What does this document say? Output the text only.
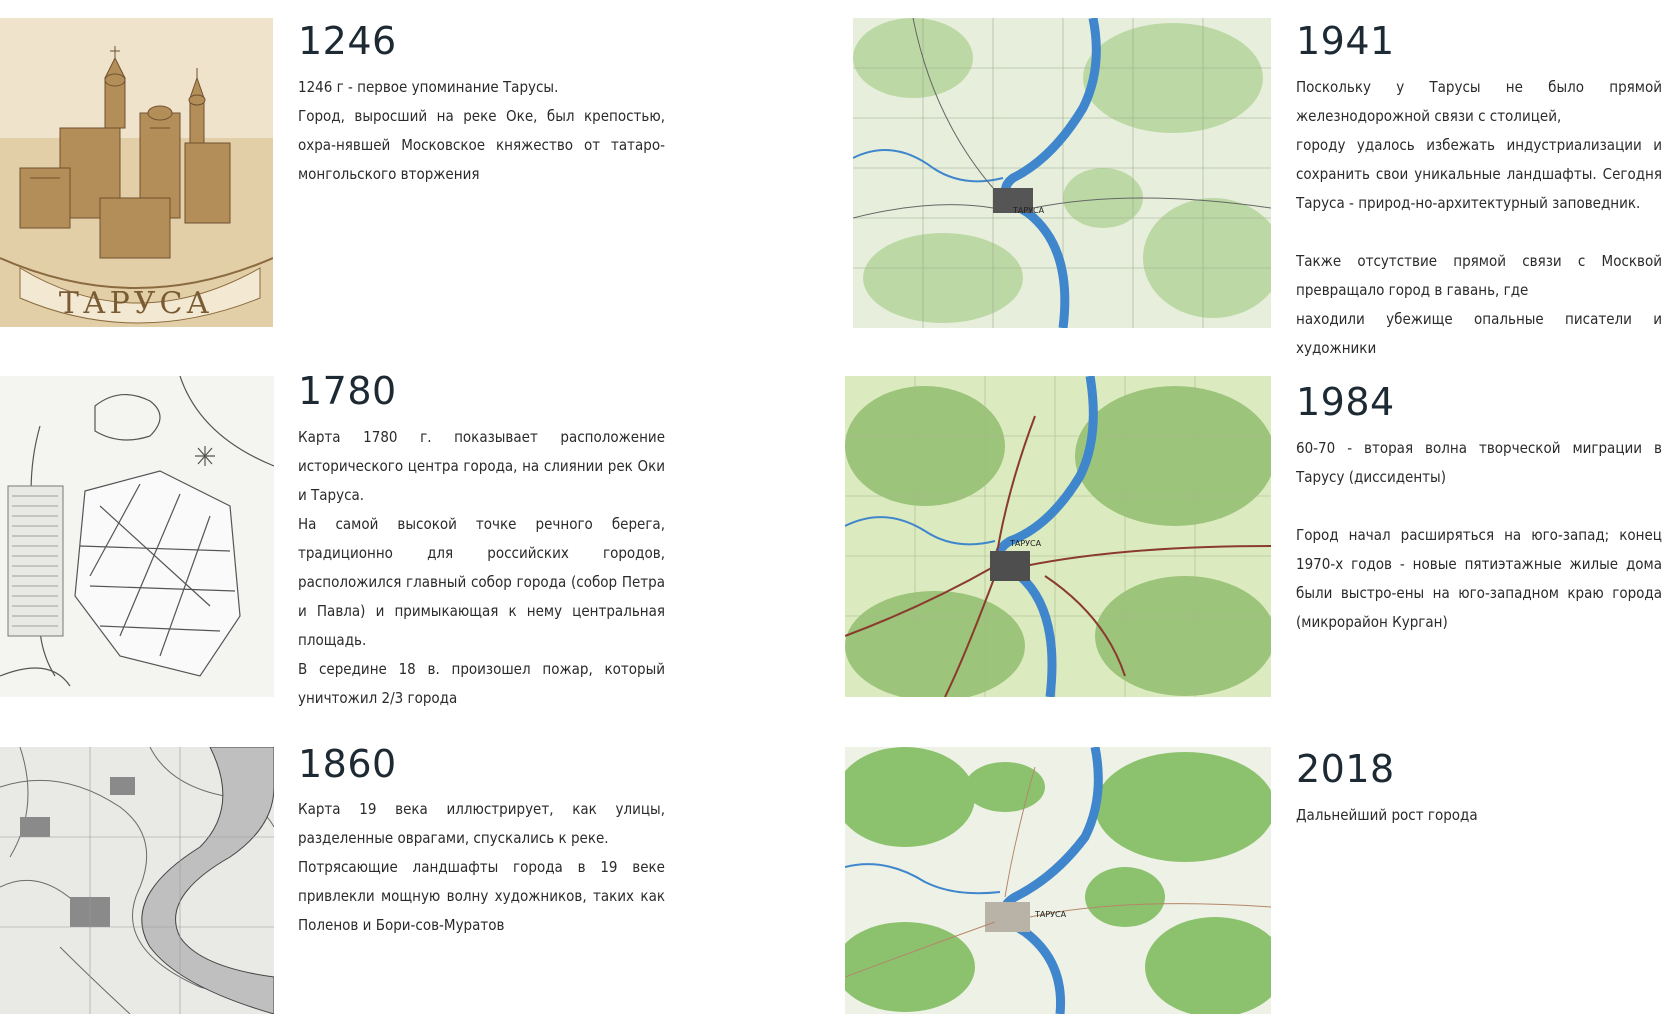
ТАРУСА
1246

1246 г - первое упоминание Тарусы.

Город, выросший на реке Оке, был крепостью, охра-нявшей Московское княжество от татаро-монгольского вторжения

1780

Карта 1780 г. показывает расположение исторического центра города, на слиянии рек Оки и Таруса.

На самой высокой точке речного берега, традиционно для российских городов, расположился главный собор города (собор Петра и Павла) и примыкающая к нему центральная площадь.

В середине 18 в. произошел пожар, который уничтожил 2/3 города

1860

Карта 19 века иллюстрирует, как улицы, разделенные оврагами, спускались к реке.

Потрясающие ландшафты города в 19 веке привлекли мощную волну художников, таких как Поленов и Бори-сов-Муратов

ТАРУСА
1941

Поскольку у Тарусы не было прямой железнодорожной связи с столицей,

городу удалось избежать индустриализации и сохранить свои уникальные ландшафты. Сегодня Таруса - природ-но-архитектурный заповедник.

Также отсутствие прямой связи с Москвой превращало город в гавань, где

находили убежище опальные писатели и художники

ТАРУСА
1984

60-70 - вторая волна творческой миграции в Тарусу (диссиденты)

Город начал расширяться на юго-запад; конец 1970-х годов - новые пятиэтажные жилые дома были выстро-ены на юго-западном краю города (микрорайон Курган)

ТАРУСА
2018

Дальнейший рост города
